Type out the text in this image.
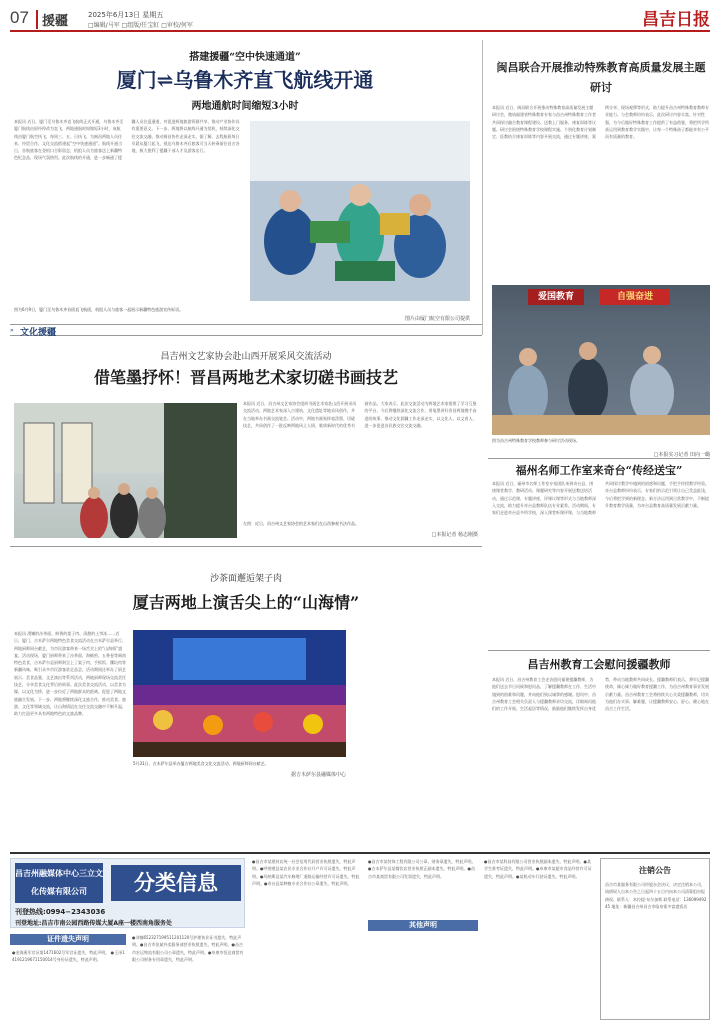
07	援疆	2025年6月13日 星期五
□编辑/马军 □组版/任宝虹 □审校/何军	昌吉日报
搭建援疆“空中快速通道”
厦门⇌乌鲁木齐直飞航线开通
两地通航时间缩短3小时
本报讯 近日，厦门至乌鲁木齐直飞航线正式开通，乌鲁木齐至厦门航线由原经停改为直飞，两地通航时间缩短3小时，该航线由厦门航空执飞，每周三、五、日执飞，为闽昌两地人员往来、经贸合作、文化交流搭建起“空中快速通道”。航线开通当日，首航旅客在登机口合影留念，机组人员为旅客送上新疆特色纪念品，现场气氛热烈。此次航线的开通，进一步畅通了援疆人员往返通道，对促进两地旅游资源共享、推动产业协作具有重要意义。下一步，两地将以航线开通为契机，持续深化交往交流交融，推动闽昌协作走深走实。据了解，去程航班每日早晨从厦门起飞，抵达乌鲁木齐后旅客可当天转乘前往昌吉各地，极大便利了援疆干部人才及游客出行。
图为6月9日，厦门至乌鲁木齐首班直飞航班，机组人员与旅客一起展示新疆特色旅游宣传标语。
图片由厦门航空有限公司提供
闽昌联合开展推动特殊教育高质量发展主题研讨
本报讯 近日，闽昌联合开展推动特殊教育高质量发展主题研讨会，邀请福建省特殊教育专家与昌吉州特殊教育工作者共同探讨融合教育课程建设、送教上门服务、康复训练等议题。研讨会围绕特殊教育学校课程实施、个别化教育计划制定、医教结合康复训练等内容开展交流，通过专题讲座、案例分享、现场观摩等形式，助力提升昌吉州特殊教育教师专业能力。与会教师纷纷表示，此次研讨内容丰富、针对性强，为今后做好特殊教育工作提供了有益借鉴，将把所学所获运用到教育教学实践中，让每一个特殊孩子都能享有公平而有质量的教育。
爱国教育	自强奋进
图为昌吉州特殊教育学校教师参与研讨活动现场。
□本报实习记者 田向一璐
» 文化援疆
昌吉州文艺家协会赴山西开展采风交流活动
借笔墨抒怀！晋昌两地艺术家切磋书画技艺
本报讯 近日，昌吉州文艺家协会组织书画艺术家赴山西开展采风交流活动，两地艺术家深入古建筑、文化遗址等地采风创作，并在当地举办书画交流笔会。活动中，两地书画家挥毫泼墨、切磋技艺，共同创作了一批反映两地风土人情、歌颂新时代的优秀书画作品。大家表示，此次交流活动为两地艺术家搭建了学习互鉴的平台，今后将继续深化交流合作，用笔墨讲好晋昌两地携手奋进的故事，推动文化润疆工作走深走实，以文化人、以文育人，进一步促进各民族交往交流交融。
左图：近日，昌吉州文艺家协会的艺术家们在山西参观书法作品。
□本报记者 杨志刚摄
福州名师工作室来奇台“传经送宝”
本报讯 近日，福州市名师工作室专家团队来到奇台县，围绕课堂教学、教研活动、课题研究等内容开展送教送培活动，通过示范课、专题讲座、评课议课等形式与当地教师深入交流，助力提升奇台县教师队伍专业素养。活动期间，专家们走进奇台县多所学校，深入课堂听课评课，与当地教师共同探讨教学中遇到的困惑和问题，手把手传授教学经验。奇台县教师纷纷表示，专家们的示范引领让自己受益匪浅，今后将把学到的新理念、新方法运用到日常教学中，不断提升教育教学质量，为奇台县教育高质量发展贡献力量。
沙茶面邂逅架子肉
厦吉两地上演舌尖上的“山海情”
本报讯 滑嫩的沙茶面、鲜香的架子肉、清甜的土笋冻……近日，厦门、吉木萨尔两地特色美食交流活动在吉木萨尔县举行，两地厨师同台献艺，为市民游客带来一场舌尖上的“山海情”盛宴。活动现场，厦门厨师带来了沙茶面、海蛎煎、五香卷等闽南特色美食，吉木萨尔县厨师则呈上了架子肉、手抓饭、馕坑肉等新疆风味，吸引众多市民游客驻足品尝。活动期间还举办了厨艺展示、美食品鉴、文艺演出等系列活动，两地厨师现场交流烹饪技艺，分享美食文化背后的故事。此次美食交流活动，以美食为媒、以文化为桥，进一步拉近了两地群众的距离，促进了两地文旅融合发展。下一步，两地将继续深化文旅合作，推动美食、旅游、文化等领域交流，让山海情谊在交往交流交融中不断升温，助力打造更多具有两地特色的文旅品牌。
5月31日，吉木萨尔县举办厦吉两地美食文化交流活动，两地厨师同台献艺。
据吉木萨尔县融媒体中心
昌吉州教育工会慰问援疆教师
本报讯 近日，昌吉州教育工会走访慰问福建援疆教师，为他们送去节日问候和慰问品，了解援疆教师在工作、生活中遇到的困难和问题，并向他们致以诚挚的感谢。慰问中，昌吉州教育工会相关负责人与援疆教师亲切交流，详细询问他们的工作开展、生活起居等情况，鼓励他们继续发挥自身优势，带动当地教师共同成长。援疆教师们表示，将牢记援疆使命，倾心倾力做好教育援疆工作，为昌吉州教育事业发展贡献力量。昌吉州教育工会将持续关心关爱援疆教师，切实为他们办实事、解难题，让援疆教师安心、舒心、暖心地在昌吉工作生活。
昌吉州融媒体中心三立文化传媒有限公司	分类信息
刊登热线:0994−2343036
刊登地址:昌吉市南公园西路传媒大厦A座一楼西南角服务处
证件遗失声明
●金海燕军官证第1471602号军官证遗失，特此声明。 ●王泽14191219671150014号身份证遗失，特此声明。
●刘楠652327199511201120号护理执业证书遗失，特此声明。●昌吉市张斌外卖服务部营业执照遗失，特此声明。●昌吉市宏运物流有限公司公章遗失，特此声明。●阜康市恒达商贸有限公司财务专用章遗失，特此声明。
●昌吉市某建材店统一社会信用代码营业执照遗失，特此声明。●呼图壁县某农民专业合作社开户许可证遗失，特此声明。●玛纳斯县某汽车修理厂道路运输经营许可证遗失，特此声明。●奇台县某种植专业合作社公章遗失，特此声明。
●昌吉市某装饰工程有限公司公章、财务章遗失，特此声明。●吉木萨尔县某餐饮店营业执照正副本遗失，特此声明。●昌吉市某商贸有限公司发票遗失，特此声明。
其他声明
●昌吉市某科技有限公司营业执照副本遗失，特此声明。●某学生准考证遗失，特此声明。●阜康市某超市食品经营许可证遗失，特此声明。●某机动车行驶证遗失，特此声明。
注销公告
昌吉市某服务有限公司经股东会决议，决定注销本公司，请债权人自本公告之日起四十五日内向本公司清算组申报债权。联系人：木拉提·布尔加斯 联系电话：13609949245 地址：新疆昌吉州昌吉市临泉街多富盛饭店
